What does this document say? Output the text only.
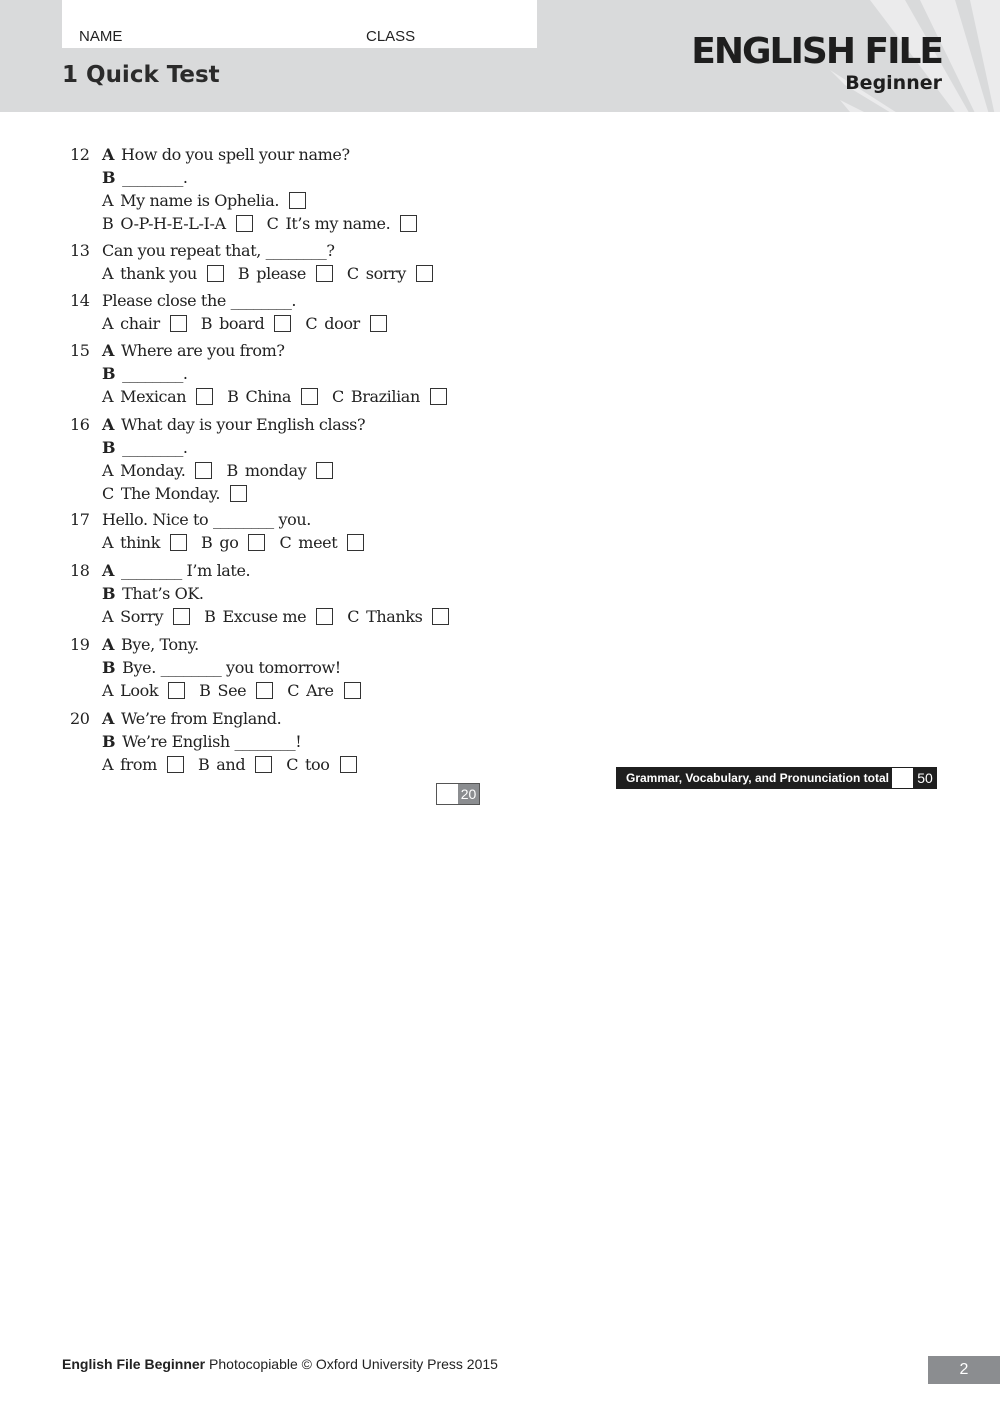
NAME	CLASS
1 Quick Test
ENGLISH FILE
Beginner
12 A How do you spell your name?
B ________.
A My name is Ophelia.
B O-P-H-E-L-I-A	C It’s my name.
13 Can you repeat that, ________?
A thank you	B please	C sorry
14 Please close the ________.
A chair	B board	C door
15 A Where are you from?
B ________.
A Mexican	B China	C Brazilian
16 A What day is your English class?
B ________.
A Monday.	B monday
C The Monday.
17 Hello. Nice to ________ you.
A think	B go	C meet
18 A ________ I’m late.
B That’s OK.
A Sorry	B Excuse me	C Thanks
19 A Bye, Tony.
B Bye. ________ you tomorrow!
A Look	B See	C Are
20 A We’re from England.
B We’re English ________!
A from	B and	C too
20
Grammar, Vocabulary, and Pronunciation total	50
English File Beginner Photocopiable © Oxford University Press 2015	2
